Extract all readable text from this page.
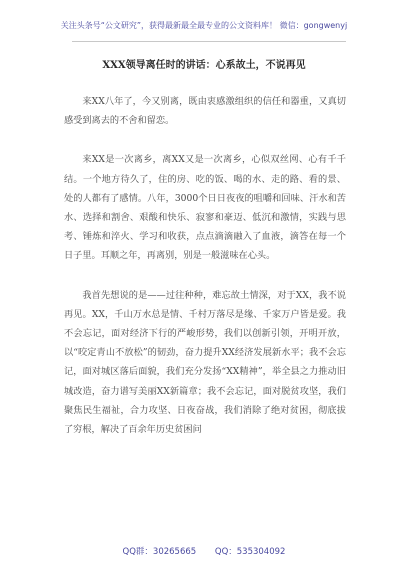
关注头条号“公文研究”，获得最新最全最专业的公文资料库！ 微信：gongwenyj
XXX领导离任时的讲话：心系故土，不说再见

来XX八年了，今又别离，既由衷感激组织的信任和器重，又真切感受到离去的不舍和留恋。

来XX是一次离乡，离XX又是一次离乡，心似双丝网、心有千千结。一个地方待久了，住的房、吃的饭、喝的水、走的路、看的景、处的人都有了感情。八年，3000个日日夜夜的咀嚼和回味、汗水和苦水、选择和割舍、艰酸和快乐、寂寥和豪迈、低沉和激情，实践与思考、锤炼和淬火、学习和收获，点点滴滴融入了血液，滴答在每一个日子里。耳顺之年，再离别，别是一般滋味在心头。

我首先想说的是——过往种种，难忘故土情深，对于XX，我不说再见。XX，千山万水总是情、千村万落尽是缘、千家万户皆是爱。我不会忘记，面对经济下行的严峻形势，我们以创新引领，开明开放，以“咬定青山不放松”的韧劲，奋力提升XX经济发展新水平；我不会忘记，面对城区落后面貌，我们充分发扬“XX精神”，举全县之力推动旧城改造，奋力谱写美丽XX新篇章；我不会忘记，面对脱贫攻坚，我们聚焦民生福祉，合力攻坚、日夜奋战，我们消除了绝对贫困，彻底拔了穷根，解决了百余年历史贫困问

QQ群：30265665 QQ：535304092
